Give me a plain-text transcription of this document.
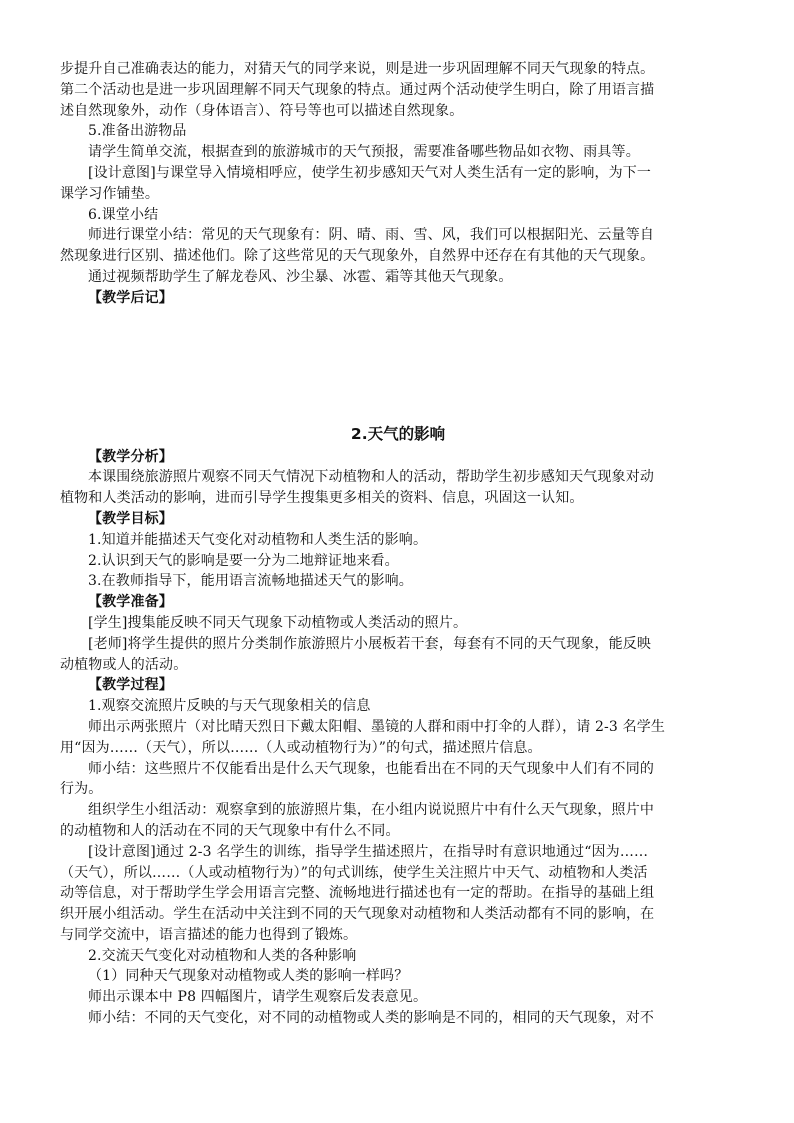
步提升自己准确表达的能力，对猜天气的同学来说，则是进一步巩固理解不同天气现象的特点。
第二个活动也是进一步巩固理解不同天气现象的特点。通过两个活动使学生明白，除了用语言描
述自然现象外，动作（身体语言）、符号等也可以描述自然现象。
5.准备出游物品
请学生简单交流，根据查到的旅游城市的天气预报，需要准备哪些物品如衣物、雨具等。
[设计意图]与课堂导入情境相呼应，使学生初步感知天气对人类生活有一定的影响，为下一
课学习作铺垫。
6.课堂小结
师进行课堂小结：常见的天气现象有：阴、晴、雨、雪、风，我们可以根据阳光、云量等自
然现象进行区别、描述他们。除了这些常见的天气现象外，自然界中还存在有其他的天气现象。
通过视频帮助学生了解龙卷风、沙尘暴、冰雹、霜等其他天气现象。
【教学后记】
2.天气的影响
【教学分析】
本课围绕旅游照片观察不同天气情况下动植物和人的活动，帮助学生初步感知天气现象对动
植物和人类活动的影响，进而引导学生搜集更多相关的资料、信息，巩固这一认知。
【教学目标】
1.知道并能描述天气变化对动植物和人类生活的影响。
2.认识到天气的影响是要一分为二地辩证地来看。
3.在教师指导下，能用语言流畅地描述天气的影响。
【教学准备】
[学生]搜集能反映不同天气现象下动植物或人类活动的照片。
[老师]将学生提供的照片分类制作旅游照片小展板若干套，每套有不同的天气现象，能反映
动植物或人的活动。
【教学过程】
1.观察交流照片反映的与天气现象相关的信息
师出示两张照片（对比晴天烈日下戴太阳帽、墨镜的人群和雨中打伞的人群），请 2-3 名学生
用“因为……（天气），所以……（人或动植物行为）”的句式，描述照片信息。
师小结：这些照片不仅能看出是什么天气现象，也能看出在不同的天气现象中人们有不同的
行为。
组织学生小组活动：观察拿到的旅游照片集，在小组内说说照片中有什么天气现象，照片中
的动植物和人的活动在不同的天气现象中有什么不同。
[设计意图]通过 2-3 名学生的训练，指导学生描述照片，在指导时有意识地通过“因为……
（天气），所以……（人或动植物行为）”的句式训练，使学生关注照片中天气、动植物和人类活
动等信息，对于帮助学生学会用语言完整、流畅地进行描述也有一定的帮助。在指导的基础上组
织开展小组活动。学生在活动中关注到不同的天气现象对动植物和人类活动都有不同的影响，在
与同学交流中，语言描述的能力也得到了锻炼。
2.交流天气变化对动植物和人类的各种影响
（1）同种天气现象对动植物或人类的影响一样吗？
师出示课本中 P8 四幅图片，请学生观察后发表意见。
师小结：不同的天气变化，对不同的动植物或人类的影响是不同的，相同的天气现象，对不
